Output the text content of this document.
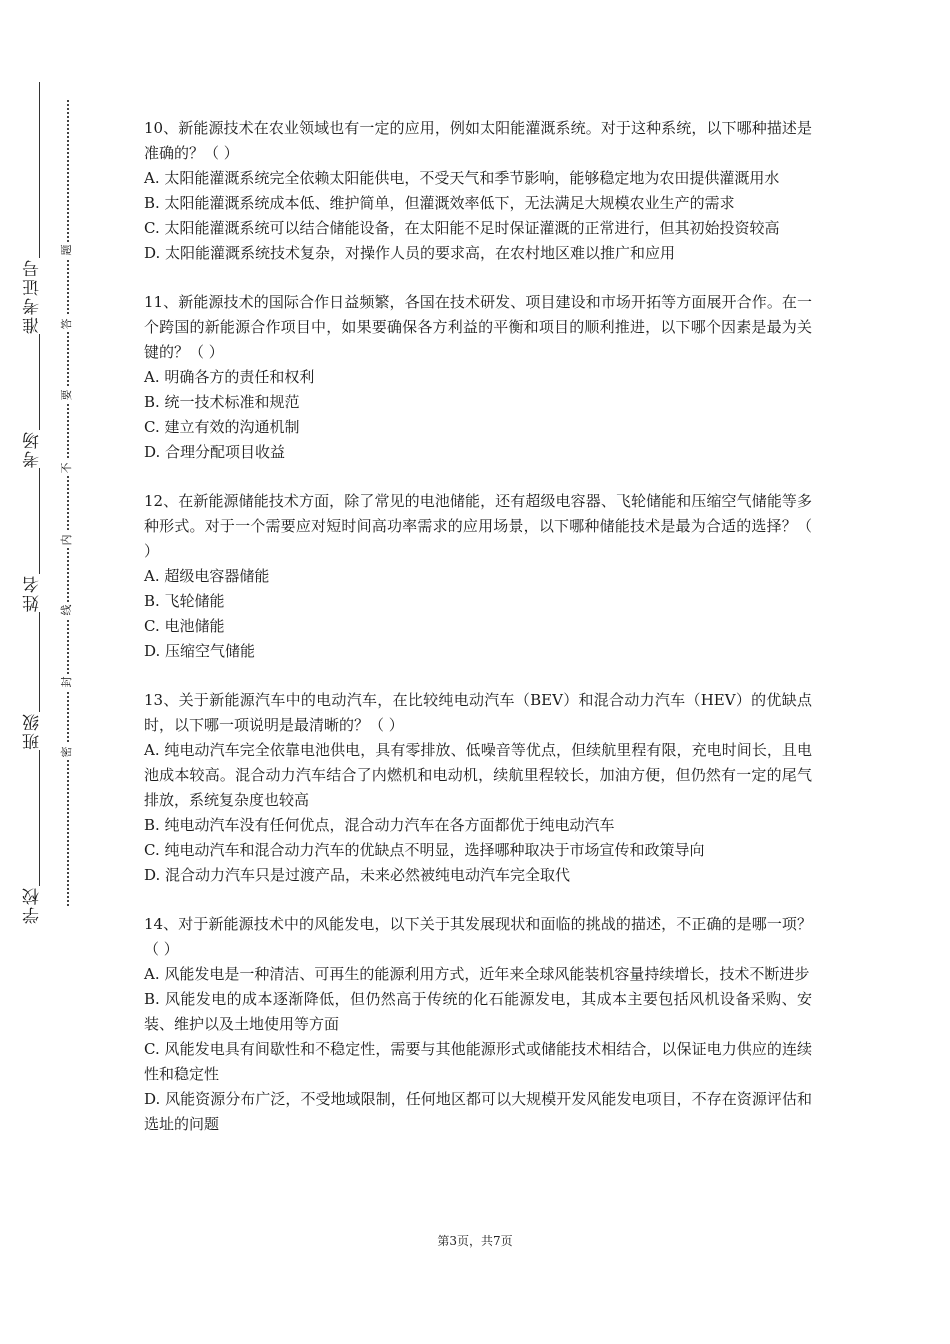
准考证号
考场
姓名
班级
学校
题
答
要
不
内
线
封
密

10、新能源技术在农业领域也有一定的应用，例如太阳能灌溉系统。对于这种系统，以下哪种描述是准确的？（ ）

A. 太阳能灌溉系统完全依赖太阳能供电，不受天气和季节影响，能够稳定地为农田提供灌溉用水

B. 太阳能灌溉系统成本低、维护简单，但灌溉效率低下，无法满足大规模农业生产的需求

C. 太阳能灌溉系统可以结合储能设备，在太阳能不足时保证灌溉的正常进行，但其初始投资较高

D. 太阳能灌溉系统技术复杂，对操作人员的要求高，在农村地区难以推广和应用

11、新能源技术的国际合作日益频繁，各国在技术研发、项目建设和市场开拓等方面展开合作。在一个跨国的新能源合作项目中，如果要确保各方利益的平衡和项目的顺利推进，以下哪个因素是最为关键的？（ ）

A. 明确各方的责任和权利

B. 统一技术标准和规范

C. 建立有效的沟通机制

D. 合理分配项目收益

12、在新能源储能技术方面，除了常见的电池储能，还有超级电容器、飞轮储能和压缩空气储能等多种形式。对于一个需要应对短时间高功率需求的应用场景，以下哪种储能技术是最为合适的选择？（ ）

A. 超级电容器储能

B. 飞轮储能

C. 电池储能

D. 压缩空气储能

13、关于新能源汽车中的电动汽车，在比较纯电动汽车（BEV）和混合动力汽车（HEV）的优缺点时，以下哪一项说明是最清晰的？（ ）

A. 纯电动汽车完全依靠电池供电，具有零排放、低噪音等优点，但续航里程有限，充电时间长，且电池成本较高。混合动力汽车结合了内燃机和电动机，续航里程较长，加油方便，但仍然有一定的尾气排放，系统复杂度也较高

B. 纯电动汽车没有任何优点，混合动力汽车在各方面都优于纯电动汽车

C. 纯电动汽车和混合动力汽车的优缺点不明显，选择哪种取决于市场宣传和政策导向

D. 混合动力汽车只是过渡产品，未来必然被纯电动汽车完全取代

14、对于新能源技术中的风能发电，以下关于其发展现状和面临的挑战的描述，不正确的是哪一项？（ ）

A. 风能发电是一种清洁、可再生的能源利用方式，近年来全球风能装机容量持续增长，技术不断进步

B. 风能发电的成本逐渐降低，但仍然高于传统的化石能源发电，其成本主要包括风机设备采购、安装、维护以及土地使用等方面

C. 风能发电具有间歇性和不稳定性，需要与其他能源形式或储能技术相结合，以保证电力供应的连续性和稳定性

D. 风能资源分布广泛，不受地域限制，任何地区都可以大规模开发风能发电项目，不存在资源评估和选址的问题

第3页，共7页
